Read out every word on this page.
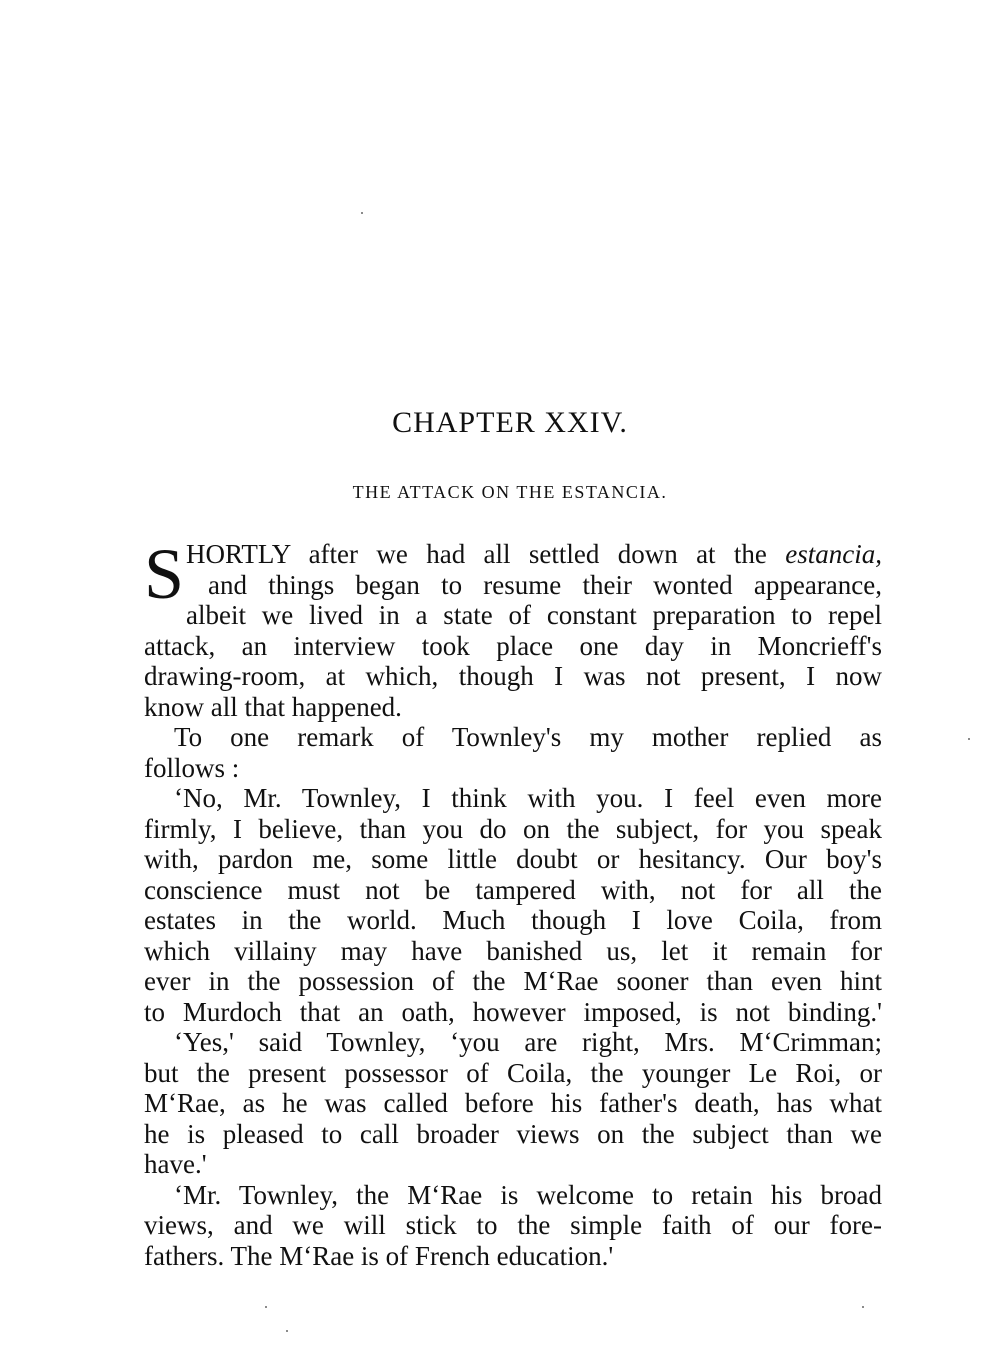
CHAPTER XXIV.
THE ATTACK ON THE ESTANCIA.
S HORTLY after we had all settled down at the estancia,
and things began to resume their wonted appearance,
albeit we lived in a state of constant preparation to repel
attack, an interview took place one day in Moncrieff's
drawing-room, at which, though I was not present, I now
know all that happened.
To one remark of Townley's my mother replied as
follows :
‘No, Mr. Townley, I think with you. I feel even more
firmly, I believe, than you do on the subject, for you speak
with, pardon me, some little doubt or hesitancy. Our boy's
conscience must not be tampered with, not for all the
estates in the world. Much though I love Coila, from
which villainy may have banished us, let it remain for
ever in the possession of the M‘Rae sooner than even hint
to Murdoch that an oath, however imposed, is not binding.'
‘Yes,' said Townley, ‘you are right, Mrs. M‘Crimman;
but the present possessor of Coila, the younger Le Roi, or
M‘Rae, as he was called before his father's death, has what
he is pleased to call broader views on the subject than we
have.'
‘Mr. Townley, the M‘Rae is welcome to retain his broad
views, and we will stick to the simple faith of our fore-
fathers. The M‘Rae is of French education.'
